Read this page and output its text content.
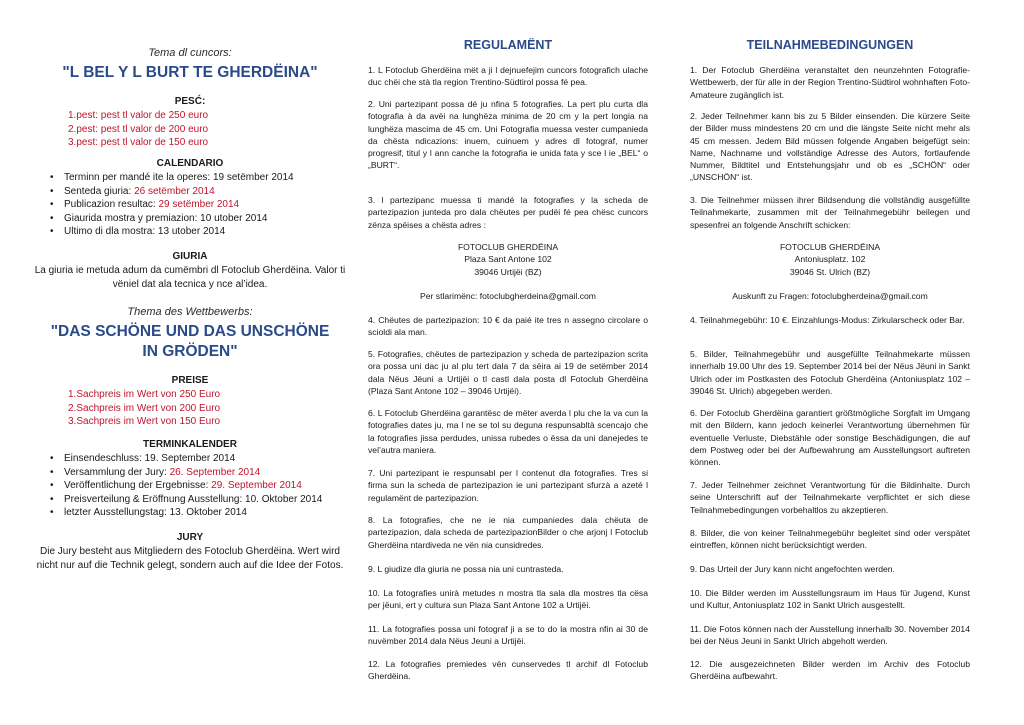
Tema dl cuncors:
"L BEL Y L BURT TE GHERDËINA"
PESĆ:
1.pest: pest tl valor de 250 euro
2.pest: pest tl valor de 200 euro
3.pest: pest tl valor de 150 euro
CALENDARIO
• Terminn per mandé ite la operes: 19 setëmber 2014
• Senteda giuria: 26 setëmber 2014
• Publicazion resultac: 29 setëmber 2014
• Giaurida mostra y premiazion: 10 utober 2014
• Ultimo di dla mostra: 13 utober 2014
GIURIA

La giuria ie metuda adum da cumëmbri dl Fotoclub Gherdëina. Valor ti vëniel dat ala tecnica y nce al’idea.

Thema des Wettbewerbs:
"DAS SCHÖNE UND DAS UNSCHÖNE
IN GRÖDEN"
PREISE
1.Sachpreis im Wert von 250 Euro
2.Sachpreis im Wert von 200 Euro
3.Sachpreis im Wert von 150 Euro
TERMINKALENDER
• Einsendeschluss: 19. September 2014
• Versammlung der Jury: 26. September 2014
• Veröffentlichung der Ergebnisse: 29. September 2014
• Preisverteilung & Eröffnung Ausstellung: 10. Oktober 2014
• letzter Ausstellungstag: 13. Oktober 2014
JURY

Die Jury besteht aus Mitgliedern des Fotoclub Gherdëina. Wert wird nicht nur auf die Technik gelegt, sondern auch auf die Idee der Fotos.

REGULAMËNT

1. L Fotoclub Gherdëina mët a ji l dejnuefejim cuncors fotografich ulache duc chëi che stà tla region Trentino-Südtirol possa fé pea.

2. Uni partezipant possa dé ju nfina 5 fotografies. La pert plu curta dla fotografia à da avëi na lunghëza minima de 20 cm y la pert longia na lunghëza mascima de 45 cm. Uni Fotografia muessa vester cumpanieda da chësta ndicazions: inuem, cuinuem y adres dl fotograf, numer progresif, titul y l ann canche la fotografia ie unida fata y sce l ie „BEL“ o „BURT“.

3. l partezipanc muessa ti mandé la fotografies y la scheda de partezipazion junteda pro dala chëutes per pudëi fé pea chësc cuncors zënza spëises a chësta adres :

FOTOCLUB GHERDËINA
Plaza Sant Antone 102
39046 Urtijëi (BZ)

Per stlarimënc: fotoclubgherdeina@gmail.com

4. Chëutes de partezipazion: 10 € da paié ite tres n assegno circolare o scioldi ala man.

5. Fotografies, chëutes de partezipazion y scheda de partezipazion scrita ora possa uni dac ju al plu tert dala 7 da sëira ai 19 de setëmber 2014 dala Nëus Jëuni a Urtijëi o tl castl dala posta dl Fotoclub Gherdëina (Plaza Sant Antone 102 – 39046 Urtijëi).

6. L Fotoclub Gherdëina garantësc de mëter averda l plu che la va cun la fotografies dates ju, ma l ne se tol su deguna respunsabltà scencajo che la fotografies jissa perdudes, unissa rubedes o ëssa da uni danejedes te vel’autra maniera.

7. Uni partezipant ie respunsabl per l contenut dla fotografies. Tres si firma sun la scheda de partezipazion ie uni partezipant sfurzà a azeté l regulamënt de partezipazion.

8. La fotografies, che ne ie nia cumpaniedes dala chëuta de partezipazion, dala scheda de partezipazionBilder o che arjonj l Fotoclub Gherdëina ntardiveda ne vën nia cunsidredes.

9. L giudize dla giuria ne possa nia uni cuntrasteda.

10. La fotografies unirà metudes n mostra tla sala dla mostres tla cësa per jëuni, ert y cultura sun Plaza Sant Antone 102 a Urtijëi.

11. La fotografies possa uni fotograf ji a se to do la mostra nfin ai 30 de nuvëmber 2014 dala Nëus Jeuni a Urtijëi.

12. La fotografies premiedes vën cunservedes tl archif dl Fotoclub Gherdëina.

TEILNAHMEBEDINGUNGEN

1. Der Fotoclub Gherdëina veranstaltet den neunzehnten Fotografie-Wettbewerb, der für alle in der Region Trentino-Südtirol wohnhaften Foto-Amateure zugänglich ist.

2. Jeder Teilnehmer kann bis zu 5 Bilder einsenden. Die kürzere Seite der Bilder muss mindestens 20 cm und die längste Seite nicht mehr als 45 cm messen. Jedem Bild müssen folgende Angaben beigefügt sein: Name, Nachname und vollständige Adresse des Autors, fortlaufende Nummer, Bildtitel und Entstehungsjahr und ob es „SCHÖN“ oder „UNSCHÖN“ ist.

3. Die Teilnehmer müssen ihrer Bildsendung die vollständig ausgefüllte Teilnahmekarte, zusammen mit der Teilnahmegebühr beilegen und spesenfrei an folgende Anschrift schicken:

FOTOCLUB GHERDËINA
Antoniusplatz. 102
39046 St. Ulrich (BZ)

Auskunft zu Fragen: fotoclubgherdeina@gmail.com

4. Teilnahmegebühr: 10 €. Einzahlungs-Modus: Zirkularscheck oder Bar.

5. Bilder, Teilnahmegebühr und ausgefüllte Teilnahmekarte müssen innerhalb 19.00 Uhr des 19. September 2014 bei der Nëus Jëuni in Sankt Ulrich oder im Postkasten des Fotoclub Gherdëina (Antoniusplatz 102 – 39046 St. Ulrich) abgegeben werden.

6. Der Fotoclub Gherdëina garantiert größtmögliche Sorgfalt im Umgang mit den Bildern, kann jedoch keinerlei Verantwortung übernehmen für eventuelle Verluste, Diebstähle oder sonstige Beschädigungen, die auf dem Postweg oder bei der Aufbewahrung am Ausstellungsort auftreten können.

7. Jeder Teilnehmer zeichnet Verantwortung für die Bildinhalte. Durch seine Unterschrift auf der Teilnahmekarte verpflichtet er sich diese Teilnahmebedingungen vorbehaltlos zu akzeptieren.

8. Bilder, die von keiner Teilnahmegebühr begleitet sind oder verspätet eintreffen, können nicht berücksichtigt werden.

9. Das Urteil der Jury kann nicht angefochten werden.

10. Die Bilder werden im Ausstellungsraum im Haus für Jugend, Kunst und Kultur, Antoniusplatz 102 in Sankt Ulrich ausgestellt.

11. Die Fotos können nach der Ausstellung innerhalb 30. November 2014 bei der Nëus Jeuni in Sankt Ulrich abgeholt werden.

12. Die ausgezeichneten Bilder werden im Archiv des Fotoclub Gherdëina aufbewahrt.
